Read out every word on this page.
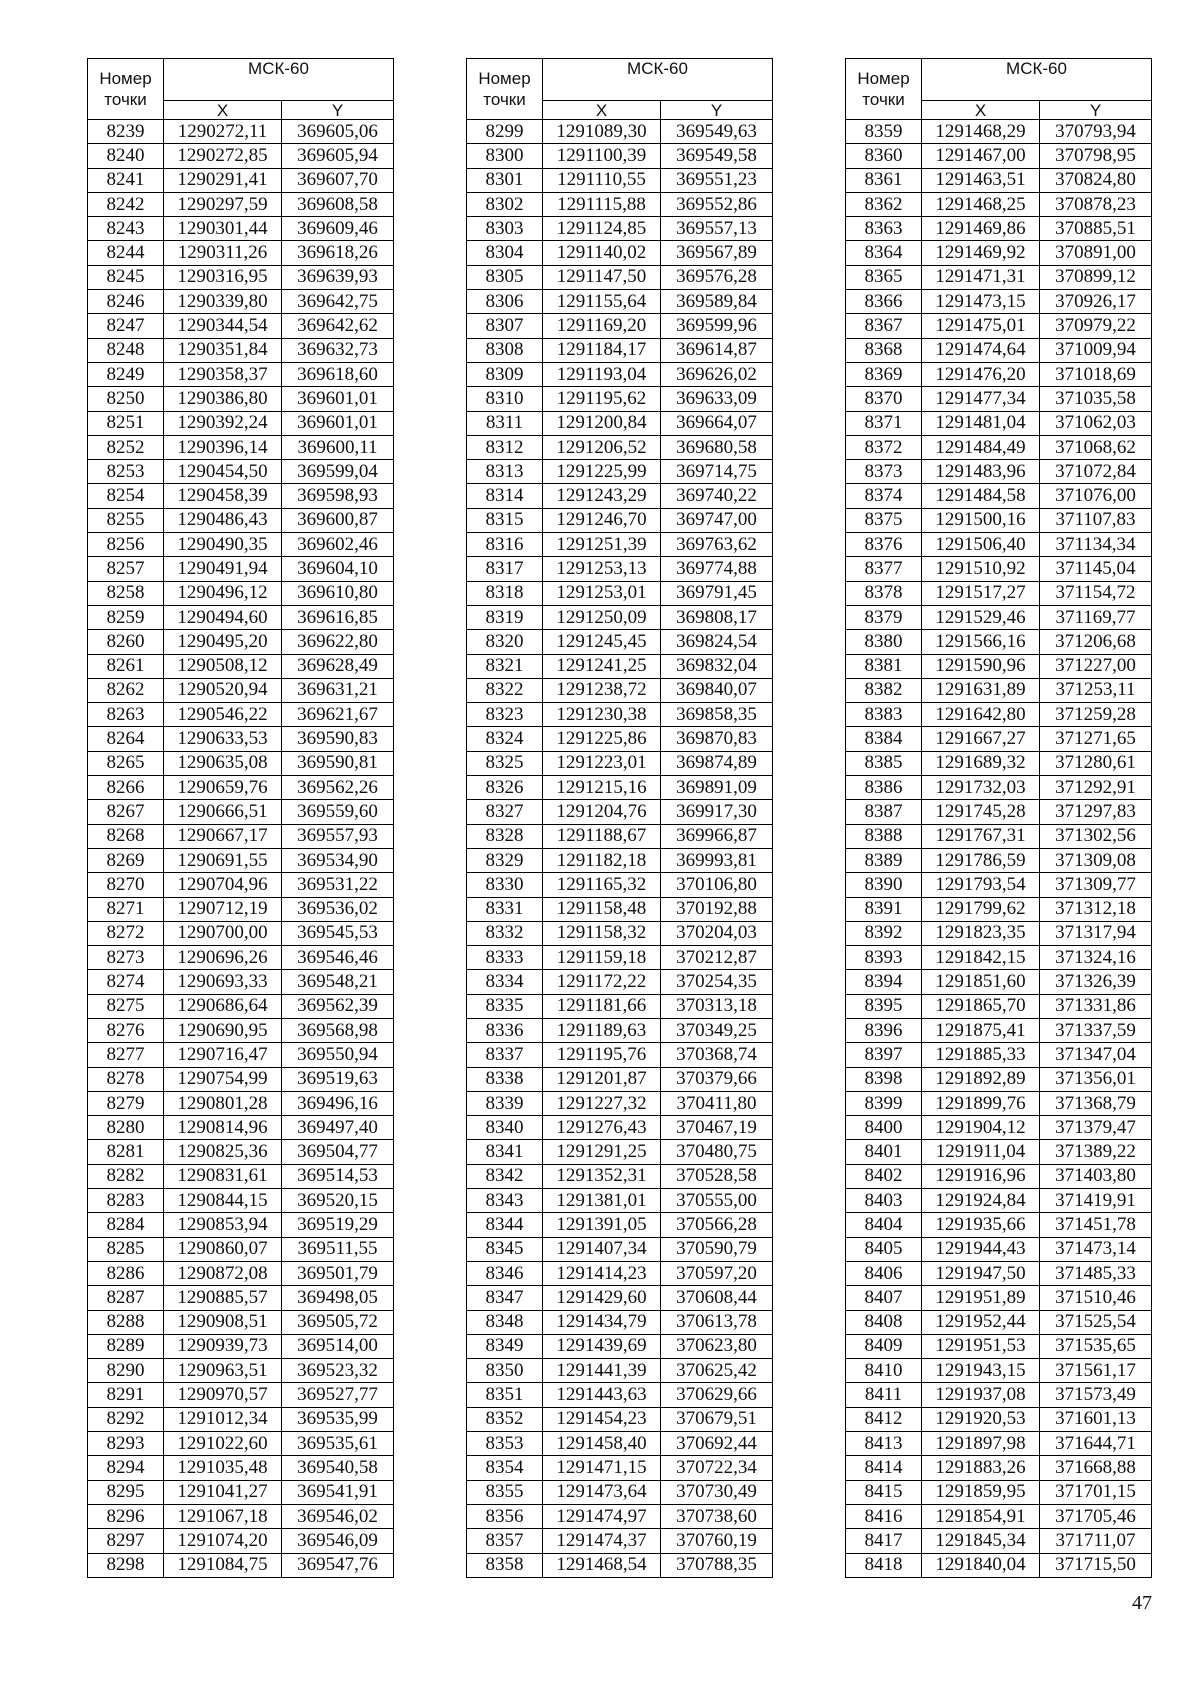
Номер точки	МСК-60	
	X	Y
8239	1290272,11	369605,06
8240	1290272,85	369605,94
8241	1290291,41	369607,70
8242	1290297,59	369608,58
8243	1290301,44	369609,46
8244	1290311,26	369618,26
8245	1290316,95	369639,93
8246	1290339,80	369642,75
8247	1290344,54	369642,62
8248	1290351,84	369632,73
8249	1290358,37	369618,60
8250	1290386,80	369601,01
8251	1290392,24	369601,01
8252	1290396,14	369600,11
8253	1290454,50	369599,04
8254	1290458,39	369598,93
8255	1290486,43	369600,87
8256	1290490,35	369602,46
8257	1290491,94	369604,10
8258	1290496,12	369610,80
8259	1290494,60	369616,85
8260	1290495,20	369622,80
8261	1290508,12	369628,49
8262	1290520,94	369631,21
8263	1290546,22	369621,67
8264	1290633,53	369590,83
8265	1290635,08	369590,81
8266	1290659,76	369562,26
8267	1290666,51	369559,60
8268	1290667,17	369557,93
8269	1290691,55	369534,90
8270	1290704,96	369531,22
8271	1290712,19	369536,02
8272	1290700,00	369545,53
8273	1290696,26	369546,46
8274	1290693,33	369548,21
8275	1290686,64	369562,39
8276	1290690,95	369568,98
8277	1290716,47	369550,94
8278	1290754,99	369519,63
8279	1290801,28	369496,16
8280	1290814,96	369497,40
8281	1290825,36	369504,77
8282	1290831,61	369514,53
8283	1290844,15	369520,15
8284	1290853,94	369519,29
8285	1290860,07	369511,55
8286	1290872,08	369501,79
8287	1290885,57	369498,05
8288	1290908,51	369505,72
8289	1290939,73	369514,00
8290	1290963,51	369523,32
8291	1290970,57	369527,77
8292	1291012,34	369535,99
8293	1291022,60	369535,61
8294	1291035,48	369540,58
8295	1291041,27	369541,91
8296	1291067,18	369546,02
8297	1291074,20	369546,09
8298	1291084,75	369547,76
Номер точки	МСК-60	
	X	Y
8299	1291089,30	369549,63
8300	1291100,39	369549,58
8301	1291110,55	369551,23
8302	1291115,88	369552,86
8303	1291124,85	369557,13
8304	1291140,02	369567,89
8305	1291147,50	369576,28
8306	1291155,64	369589,84
8307	1291169,20	369599,96
8308	1291184,17	369614,87
8309	1291193,04	369626,02
8310	1291195,62	369633,09
8311	1291200,84	369664,07
8312	1291206,52	369680,58
8313	1291225,99	369714,75
8314	1291243,29	369740,22
8315	1291246,70	369747,00
8316	1291251,39	369763,62
8317	1291253,13	369774,88
8318	1291253,01	369791,45
8319	1291250,09	369808,17
8320	1291245,45	369824,54
8321	1291241,25	369832,04
8322	1291238,72	369840,07
8323	1291230,38	369858,35
8324	1291225,86	369870,83
8325	1291223,01	369874,89
8326	1291215,16	369891,09
8327	1291204,76	369917,30
8328	1291188,67	369966,87
8329	1291182,18	369993,81
8330	1291165,32	370106,80
8331	1291158,48	370192,88
8332	1291158,32	370204,03
8333	1291159,18	370212,87
8334	1291172,22	370254,35
8335	1291181,66	370313,18
8336	1291189,63	370349,25
8337	1291195,76	370368,74
8338	1291201,87	370379,66
8339	1291227,32	370411,80
8340	1291276,43	370467,19
8341	1291291,25	370480,75
8342	1291352,31	370528,58
8343	1291381,01	370555,00
8344	1291391,05	370566,28
8345	1291407,34	370590,79
8346	1291414,23	370597,20
8347	1291429,60	370608,44
8348	1291434,79	370613,78
8349	1291439,69	370623,80
8350	1291441,39	370625,42
8351	1291443,63	370629,66
8352	1291454,23	370679,51
8353	1291458,40	370692,44
8354	1291471,15	370722,34
8355	1291473,64	370730,49
8356	1291474,97	370738,60
8357	1291474,37	370760,19
8358	1291468,54	370788,35
Номер точки	МСК-60	
	X	Y
8359	1291468,29	370793,94
8360	1291467,00	370798,95
8361	1291463,51	370824,80
8362	1291468,25	370878,23
8363	1291469,86	370885,51
8364	1291469,92	370891,00
8365	1291471,31	370899,12
8366	1291473,15	370926,17
8367	1291475,01	370979,22
8368	1291474,64	371009,94
8369	1291476,20	371018,69
8370	1291477,34	371035,58
8371	1291481,04	371062,03
8372	1291484,49	371068,62
8373	1291483,96	371072,84
8374	1291484,58	371076,00
8375	1291500,16	371107,83
8376	1291506,40	371134,34
8377	1291510,92	371145,04
8378	1291517,27	371154,72
8379	1291529,46	371169,77
8380	1291566,16	371206,68
8381	1291590,96	371227,00
8382	1291631,89	371253,11
8383	1291642,80	371259,28
8384	1291667,27	371271,65
8385	1291689,32	371280,61
8386	1291732,03	371292,91
8387	1291745,28	371297,83
8388	1291767,31	371302,56
8389	1291786,59	371309,08
8390	1291793,54	371309,77
8391	1291799,62	371312,18
8392	1291823,35	371317,94
8393	1291842,15	371324,16
8394	1291851,60	371326,39
8395	1291865,70	371331,86
8396	1291875,41	371337,59
8397	1291885,33	371347,04
8398	1291892,89	371356,01
8399	1291899,76	371368,79
8400	1291904,12	371379,47
8401	1291911,04	371389,22
8402	1291916,96	371403,80
8403	1291924,84	371419,91
8404	1291935,66	371451,78
8405	1291944,43	371473,14
8406	1291947,50	371485,33
8407	1291951,89	371510,46
8408	1291952,44	371525,54
8409	1291951,53	371535,65
8410	1291943,15	371561,17
8411	1291937,08	371573,49
8412	1291920,53	371601,13
8413	1291897,98	371644,71
8414	1291883,26	371668,88
8415	1291859,95	371701,15
8416	1291854,91	371705,46
8417	1291845,34	371711,07
8418	1291840,04	371715,50
47
